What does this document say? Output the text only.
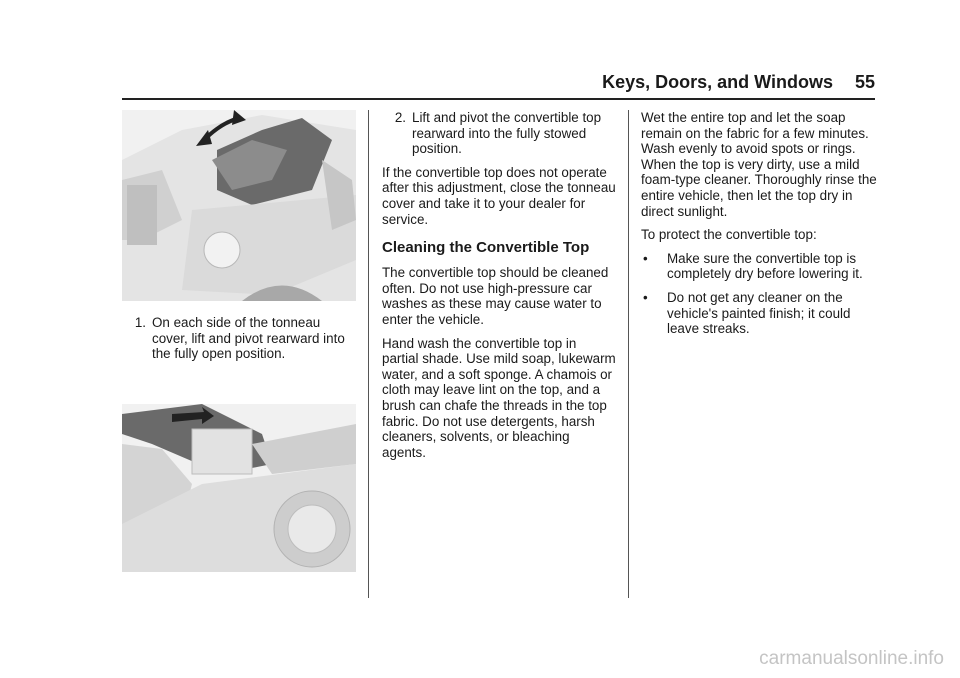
Keys, Doors, and Windows 55
1. On each side of the tonneau cover, lift and pivot rearward into the fully open position.
2. Lift and pivot the convertible top rearward into the fully stowed position.

If the convertible top does not operate after this adjustment, close the tonneau cover and take it to your dealer for service.

Cleaning the Convertible Top

The convertible top should be cleaned often. Do not use high-pressure car washes as these may cause water to enter the vehicle.

Hand wash the convertible top in partial shade. Use mild soap, lukewarm water, and a soft sponge. A chamois or cloth may leave lint on the top, and a brush can chafe the threads in the top fabric. Do not use detergents, harsh cleaners, solvents, or bleaching agents.

Wet the entire top and let the soap remain on the fabric for a few minutes. Wash evenly to avoid spots or rings. When the top is very dirty, use a mild foam-type cleaner. Thoroughly rinse the entire vehicle, then let the top dry in direct sunlight.

To protect the convertible top:

•	Make sure the convertible top is completely dry before lowering it.
•	Do not get any cleaner on the vehicle's painted finish; it could leave streaks.
carmanualsonline.info
